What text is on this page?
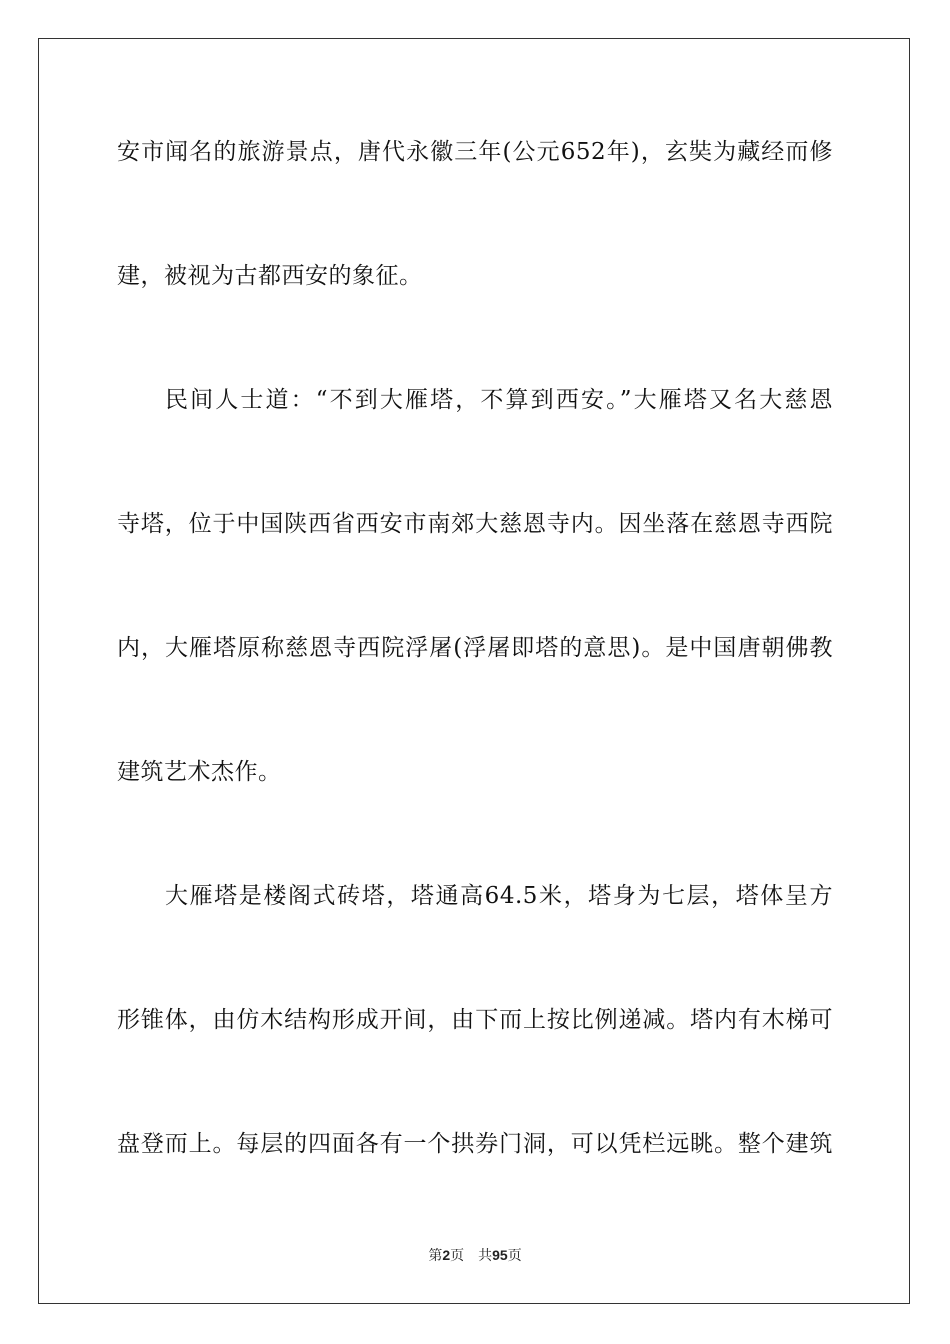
安市闻名的旅游景点，唐代永徽三年(公元652年)，玄奘为藏经而修
建，被视为古都西安的象征。
民间人士道：“不到大雁塔，不算到西安。”大雁塔又名大慈恩
寺塔，位于中国陕西省西安市南郊大慈恩寺内。因坐落在慈恩寺西院
内，大雁塔原称慈恩寺西院浮屠(浮屠即塔的意思)。是中国唐朝佛教
建筑艺术杰作。
大雁塔是楼阁式砖塔，塔通高64.5米，塔身为七层，塔体呈方
形锥体，由仿木结构形成开间，由下而上按比例递减。塔内有木梯可
盘登而上。每层的四面各有一个拱券门洞，可以凭栏远眺。整个建筑
第2页 共95页
